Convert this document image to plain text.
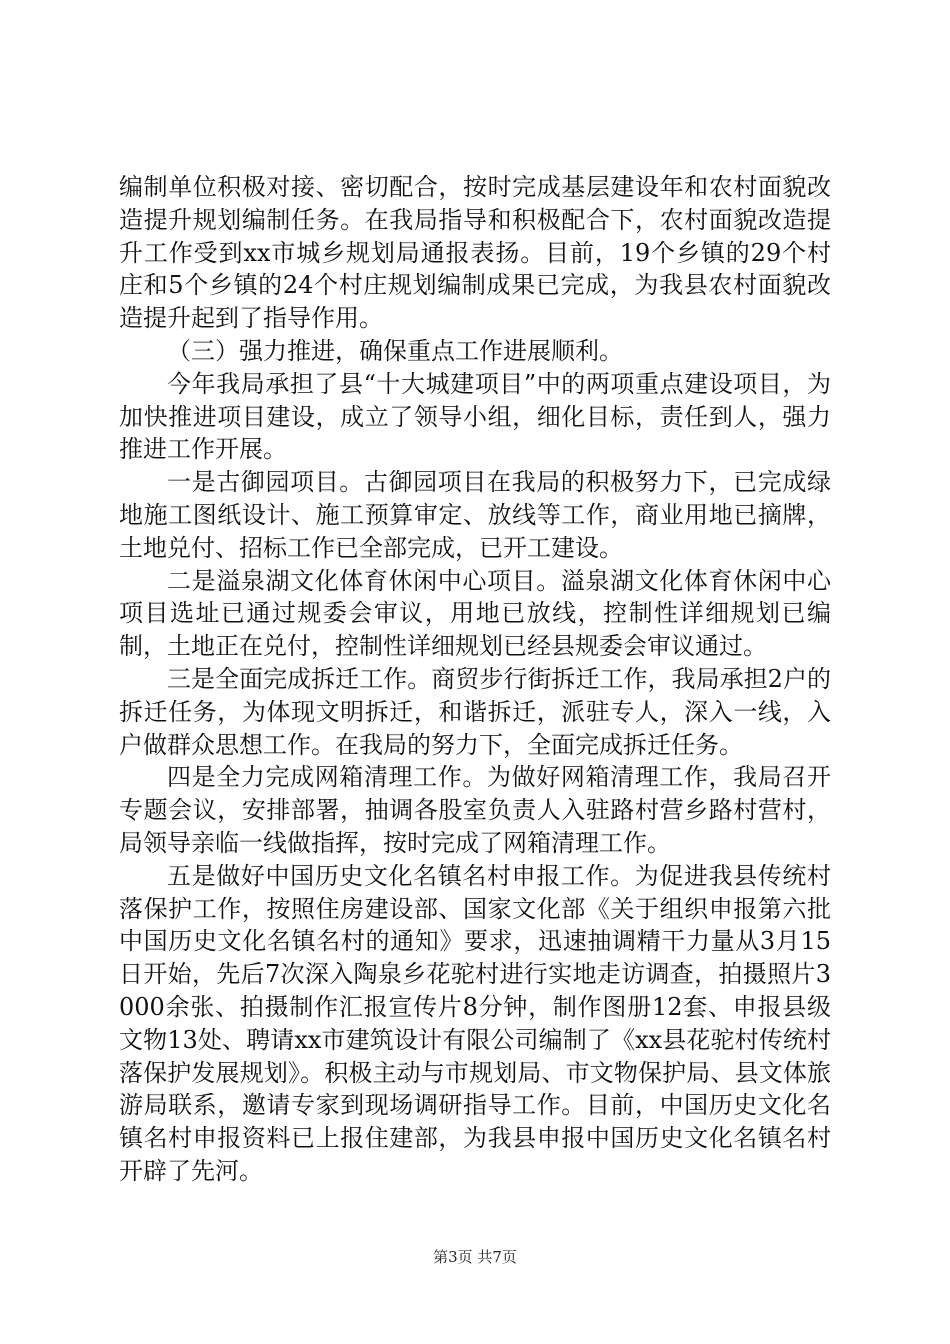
编制单位积极对接、密切配合，按时完成基层建设年和农村面貌改造提升规划编制任务。在我局指导和积极配合下，农村面貌改造提升工作受到xx市城乡规划局通报表扬。目前，19个乡镇的29个村庄和5个乡镇的24个村庄规划编制成果已完成，为我县农村面貌改造提升起到了指导作用。

（三）强力推进，确保重点工作进展顺利。

今年我局承担了县“十大城建项目”中的两项重点建设项目，为加快推进项目建设，成立了领导小组，细化目标，责任到人，强力推进工作开展。

一是古御园项目。古御园项目在我局的积极努力下，已完成绿地施工图纸设计、施工预算审定、放线等工作，商业用地已摘牌，土地兑付、招标工作已全部完成，已开工建设。

二是溢泉湖文化体育休闲中心项目。溢泉湖文化体育休闲中心项目选址已通过规委会审议，用地已放线，控制性详细规划已编制，土地正在兑付，控制性详细规划已经县规委会审议通过。

三是全面完成拆迁工作。商贸步行街拆迁工作，我局承担2户的拆迁任务，为体现文明拆迁，和谐拆迁，派驻专人，深入一线，入户做群众思想工作。在我局的努力下，全面完成拆迁任务。

四是全力完成网箱清理工作。为做好网箱清理工作，我局召开专题会议，安排部署，抽调各股室负责人入驻路村营乡路村营村，局领导亲临一线做指挥，按时完成了网箱清理工作。

五是做好中国历史文化名镇名村申报工作。为促进我县传统村落保护工作，按照住房建设部、国家文化部《关于组织申报第六批中国历史文化名镇名村的通知》要求，迅速抽调精干力量从3月15日开始，先后7次深入陶泉乡花驼村进行实地走访调查，拍摄照片3000余张、拍摄制作汇报宣传片8分钟，制作图册12套、申报县级文物13处、聘请xx市建筑设计有限公司编制了《xx县花驼村传统村落保护发展规划》。积极主动与市规划局、市文物保护局、县文体旅游局联系，邀请专家到现场调研指导工作。目前，中国历史文化名镇名村申报资料已上报住建部，为我县申报中国历史文化名镇名村开辟了先河。

第3页 共7页
